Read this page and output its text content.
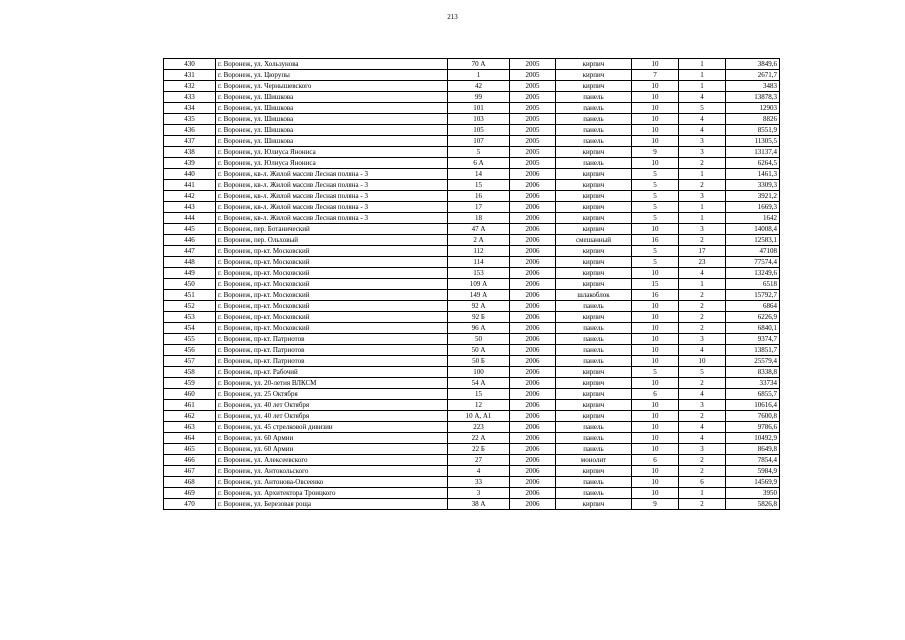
213
430	г. Воронеж, ул. Хользунова	70 А	2005	кирпич	10	1	3849,6
431	г. Воронеж, ул. Цюрупы	1	2005	кирпич	7	1	2671,7
432	г. Воронеж, ул. Чернышевского	42	2005	кирпич	10	1	3483
433	г. Воронеж, ул. Шишкова	99	2005	панель	10	4	13878,3
434	г. Воронеж, ул. Шишкова	101	2005	панель	10	5	12903
435	г. Воронеж, ул. Шишкова	103	2005	панель	10	4	8826
436	г. Воронеж, ул. Шишкова	105	2005	панель	10	4	8551,9
437	г. Воронеж, ул. Шишкова	107	2005	панель	10	3	11305,5
438	г. Воронеж, ул. Юлиуса Янониса	5	2005	кирпич	9	3	13137,4
439	г. Воронеж, ул. Юлиуса Янониса	6 А	2005	панель	10	2	6264,5
440	г. Воронеж, кв-л. Жилой массив Лесная поляна - 3	14	2006	кирпич	5	1	1461,3
441	г. Воронеж, кв-л. Жилой массив Лесная поляна - 3	15	2006	кирпич	5	2	3309,3
442	г. Воронеж, кв-л. Жилой массив Лесная поляна - 3	16	2006	кирпич	5	3	3921,2
443	г. Воронеж, кв-л. Жилой массив Лесная поляна - 3	17	2006	кирпич	5	1	1669,3
444	г. Воронеж, кв-л. Жилой массив Лесная поляна - 3	18	2006	кирпич	5	1	1642
445	г. Воронеж, пер. Ботанический	47 А	2006	кирпич	10	3	14008,4
446	г. Воронеж, пер. Ольховый	2 А	2006	смешанный	16	2	12583,1
447	г. Воронеж, пр-кт. Московский	112	2006	кирпич	5	17	47108
448	г. Воронеж, пр-кт. Московский	114	2006	кирпич	5	23	77574,4
449	г. Воронеж, пр-кт. Московский	153	2006	кирпич	10	4	13249,6
450	г. Воронеж, пр-кт. Московский	109 А	2006	кирпич	15	1	6518
451	г. Воронеж, пр-кт. Московский	149 А	2006	шлакоблок	16	2	15792,7
452	г. Воронеж, пр-кт. Московский	92 А	2006	панель	10	2	6864
453	г. Воронеж, пр-кт. Московский	92 Б	2006	кирпич	10	2	6226,9
454	г. Воронеж, пр-кт. Московский	96 А	2006	панель	10	2	6840,1
455	г. Воронеж, пр-кт. Патриотов	50	2006	панель	10	3	9374,7
456	г. Воронеж, пр-кт. Патриотов	50 А	2006	панель	10	4	13851,7
457	г. Воронеж, пр-кт. Патриотов	50 Б	2006	панель	10	10	25579,4
458	г. Воронеж, пр-кт. Рабочий	100	2006	кирпич	5	5	8338,8
459	г. Воронеж, ул. 20-летия ВЛКСМ	54 А	2006	кирпич	10	2	33734
460	г. Воронеж, ул. 25 Октября	15	2006	кирпич	6	4	6855,7
461	г. Воронеж, ул. 40 лет Октября	12	2006	кирпич	10	3	10616,4
462	г. Воронеж, ул. 40 лет Октября	10 А, А1	2006	кирпич	10	2	7600,8
463	г. Воронеж, ул. 45 стрелковой дивизии	223	2006	панель	10	4	9786,6
464	г. Воронеж, ул. 60 Армии	22 А	2006	панель	10	4	10492,9
465	г. Воронеж, ул. 60 Армии	22 Б	2006	панель	10	3	8649,8
466	г. Воронеж, ул. Алексеевского	27	2006	монолит	6	2	7854,4
467	г. Воронеж, ул. Антокольского	4	2006	кирпич	10	2	5984,9
468	г. Воронеж, ул. Антонова-Овсеенко	33	2006	панель	10	6	14569,9
469	г. Воронеж, ул. Архитектора Троицкого	3	2006	панель	10	1	3950
470	г. Воронеж, ул. Березовая роща	38 А	2006	кирпич	9	2	5826,8
